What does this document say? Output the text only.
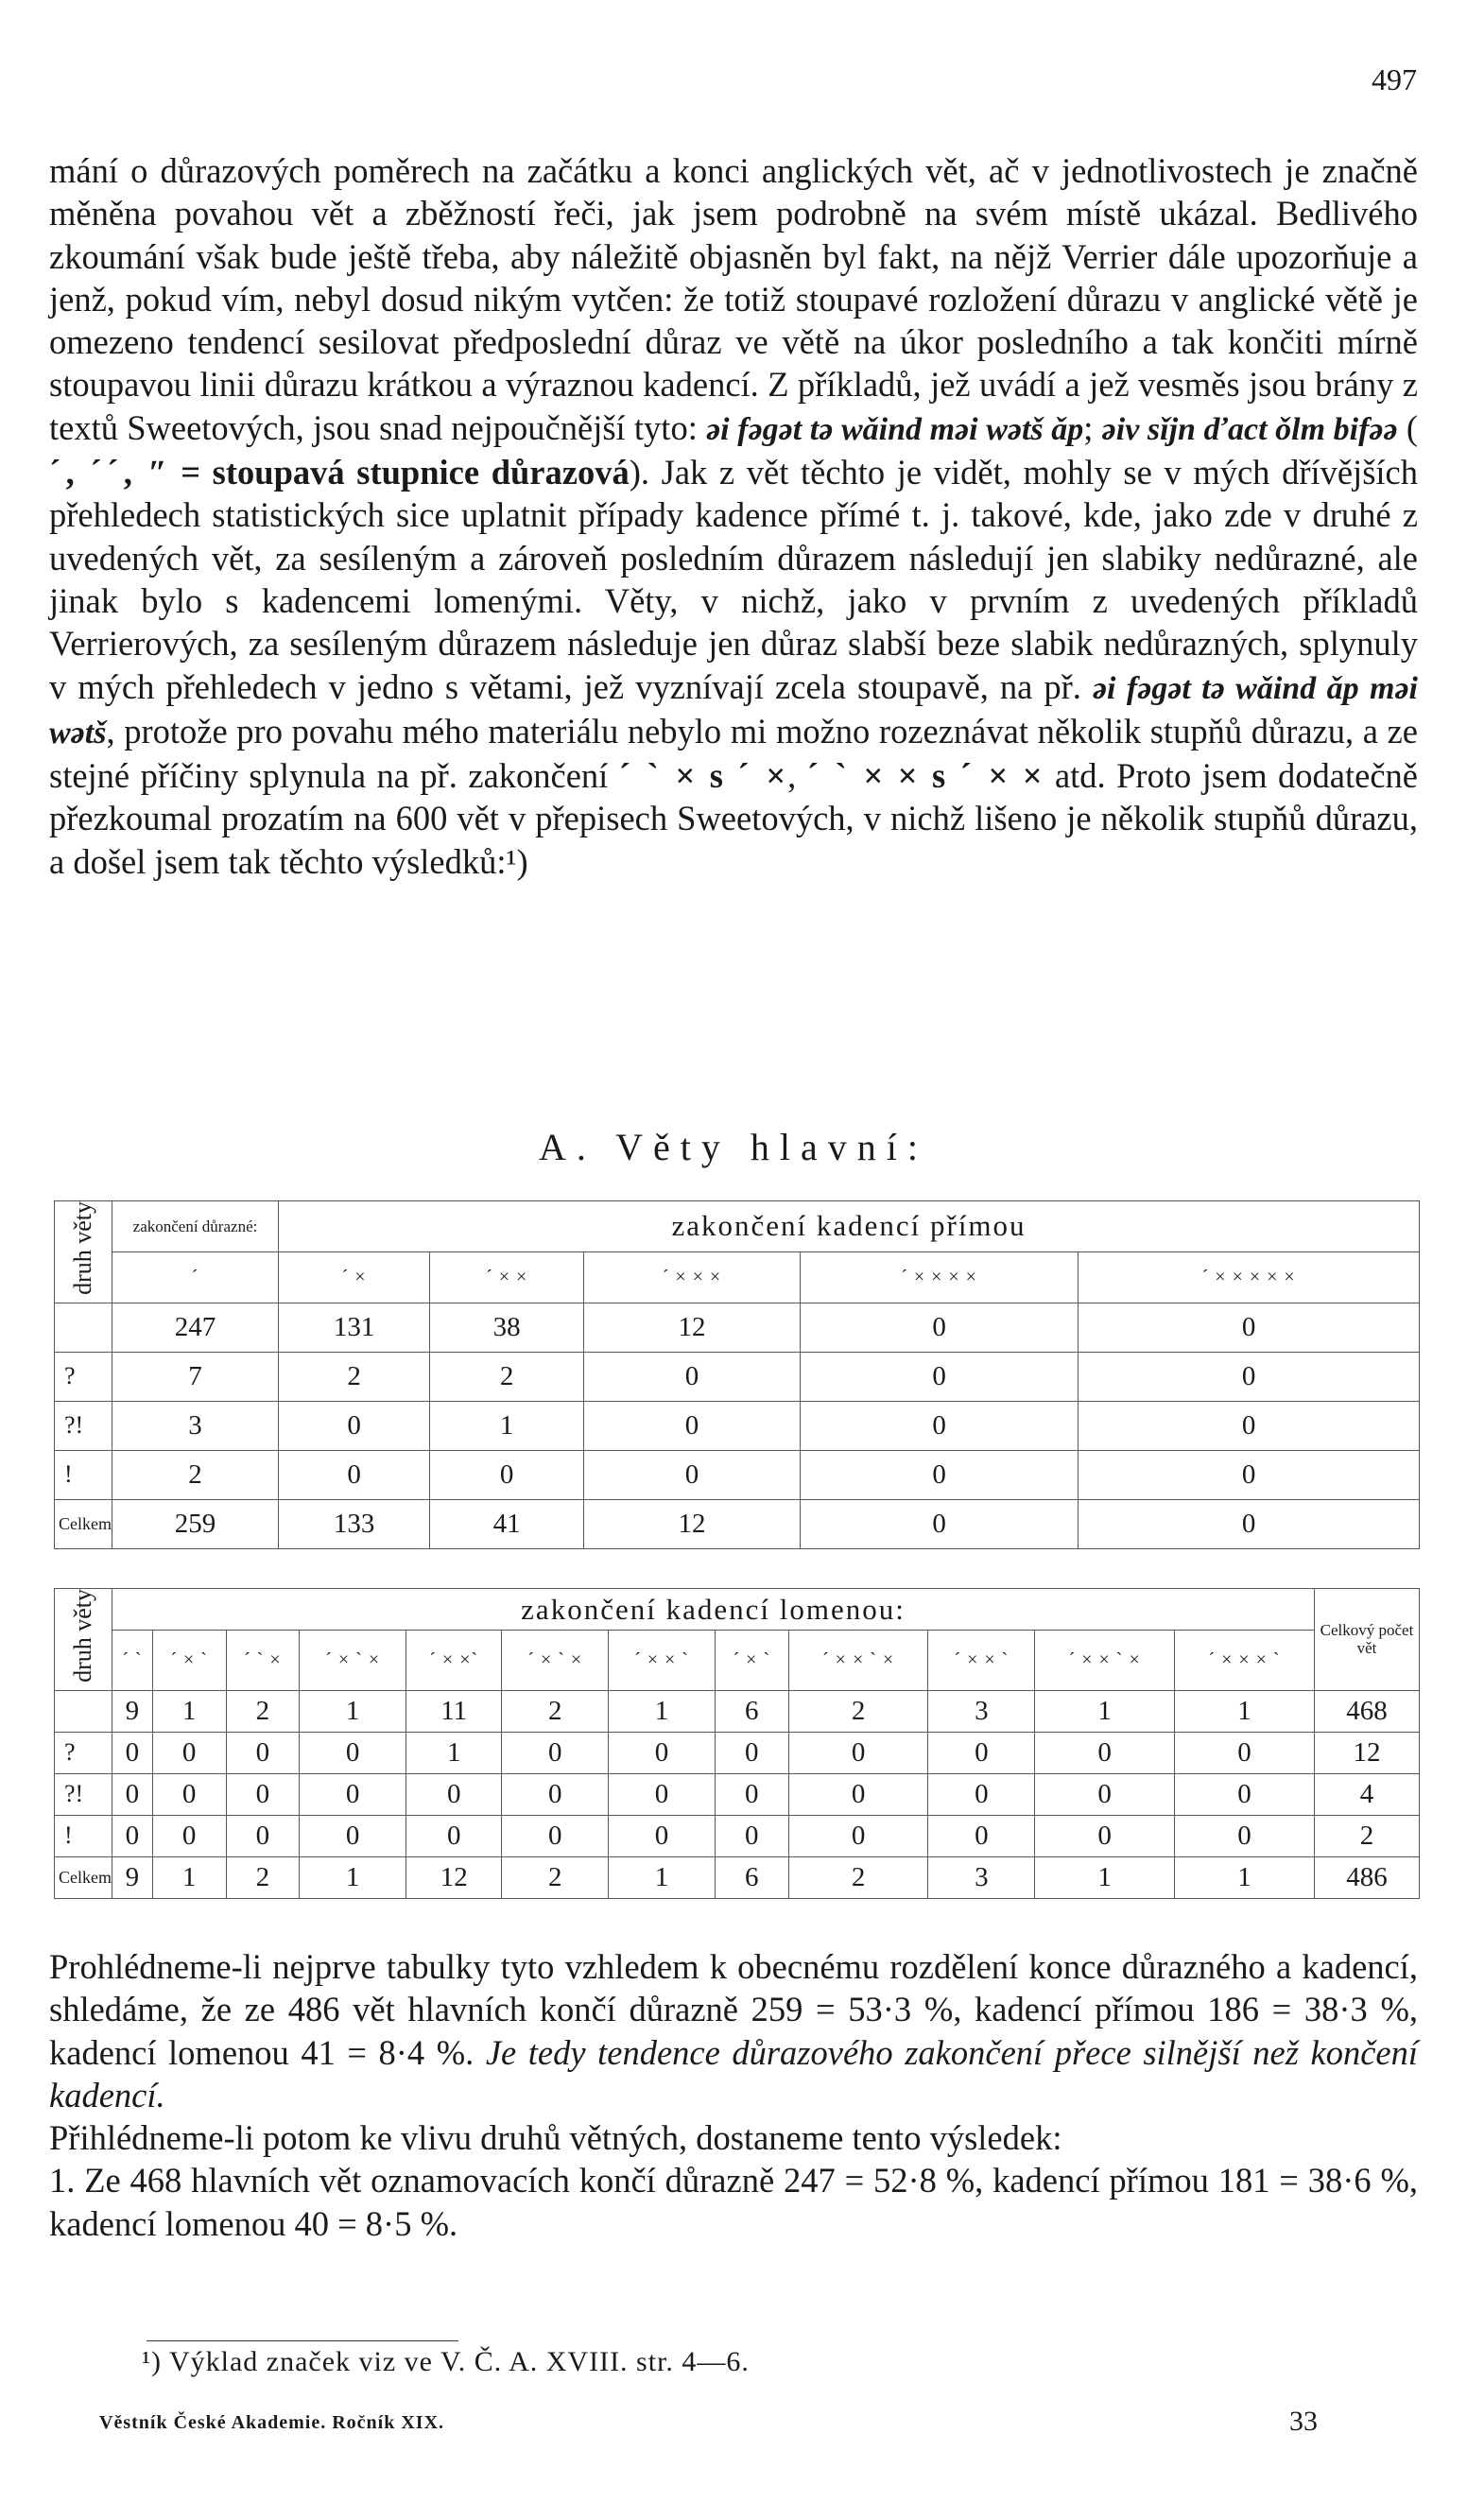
497

mání o důrazových poměrech na začátku a konci anglických vět, ač v jednotlivostech je značně měněna povahou vět a zběžností řeči, jak jsem podrobně na svém místě ukázal. Bedlivého zkoumání však bude ještě třeba, aby náležitě objasněn byl fakt, na nějž Verrier dále upozorňuje a jenž, pokud vím, nebyl dosud nikým vytčen: že totiž stoupavé rozložení důrazu v anglické větě je omezeno tendencí sesilovat předposlední důraz ve větě na úkor posledního a tak končiti mírně stoupavou linii důrazu krátkou a výraznou kadencí. Z příkladů, jež uvádí a jež vesměs jsou brány z textů Sweetových, jsou snad nejpoučnější tyto: ǝi fǝgǝt tǝ wǎind mǝi wǝtš ǎp; ǝiv sǐjn ďact ǒlm bifǝǝ ( ˊ, ˊˊ, ʺ = stoupavá stupnice důrazová). Jak z vět těchto je vidět, mohly se v mých dřívějších přehledech statistických sice uplatnit případy kadence přímé t. j. takové, kde, jako zde v druhé z uvedených vět, za sesíleným a zároveň posledním důrazem následují jen slabiky nedůrazné, ale jinak bylo s kadencemi lomenými. Věty, v nichž, jako v prvním z uvedených příkladů Verrierových, za sesíleným důrazem následuje jen důraz slabší beze slabik nedůrazných, splynuly v mých přehledech v jedno s větami, jež vyznívají zcela stoupavě, na př. ǝi fǝgǝt tǝ wǎind ǎp mǝi wǝtš, protože pro povahu mého materiálu nebylo mi možno rozeznávat několik stupňů důrazu, a ze stejné příčiny splynula na př. zakončení ˊ ˋ × s ˊ ×, ˊ ˋ × × s ˊ × × atd. Proto jsem dodatečně přezkoumal prozatím na 600 vět v přepisech Sweetových, v nichž lišeno je několik stupňů důrazu, a došel jsem tak těchto výsledků:¹)

A. Věty hlavní:
druh věty	zakončení důrazné:	zakončení kadencí přímou				
	ˊ	ˊ ×	ˊ × ×	ˊ × × ×	ˊ × × × ×	ˊ × × × × ×
	247	131	38	12	0	0
?	7	2	2	0	0	0
?!	3	0	1	0	0	0
!	2	0	0	0	0	0
Celkem	259	133	41	12	0	0
druh věty	zakončení kadencí lomenou:												Celkový počet vět
	ˊ ˋ	ˊ × ˋ	ˊ ˋ ×	ˊ × ˋ ×	ˊ × ×ˋ	ˊ × ˋ ×	ˊ × × ˋ	ˊ × ˋ	ˊ × × ˋ ×	ˊ × × ˋ	ˊ × × ˋ ×	ˊ × × × ˋ	
	9	1	2	1	11	2	1	6	2	3	1	1	468
?	0	0	0	0	1	0	0	0	0	0	0	0	12
?!	0	0	0	0	0	0	0	0	0	0	0	0	4
!	0	0	0	0	0	0	0	0	0	0	0	0	2
Celkem	9	1	2	1	12	2	1	6	2	3	1	1	486

Prohlédneme-li nejprve tabulky tyto vzhledem k obecnému rozdělení konce důrazného a kadencí, shledáme, že ze 486 vět hlavních končí důrazně 259 = 53·3 %, kadencí přímou 186 = 38·3 %, kadencí lomenou 41 = 8·4 %. Je tedy tendence důrazového zakončení přece silnější než končení kadencí.
Přihlédneme-li potom ke vlivu druhů větných, dostaneme tento výsledek:
1. Ze 468 hlavních vět oznamovacích končí důrazně 247 = 52·8 %, kadencí přímou 181 = 38·6 %, kadencí lomenou 40 = 8·5 %.

¹) Výklad značek viz ve V. Č. A. XVIII. str. 4—6.

Věstník České Akademie. Ročník XIX.	33
